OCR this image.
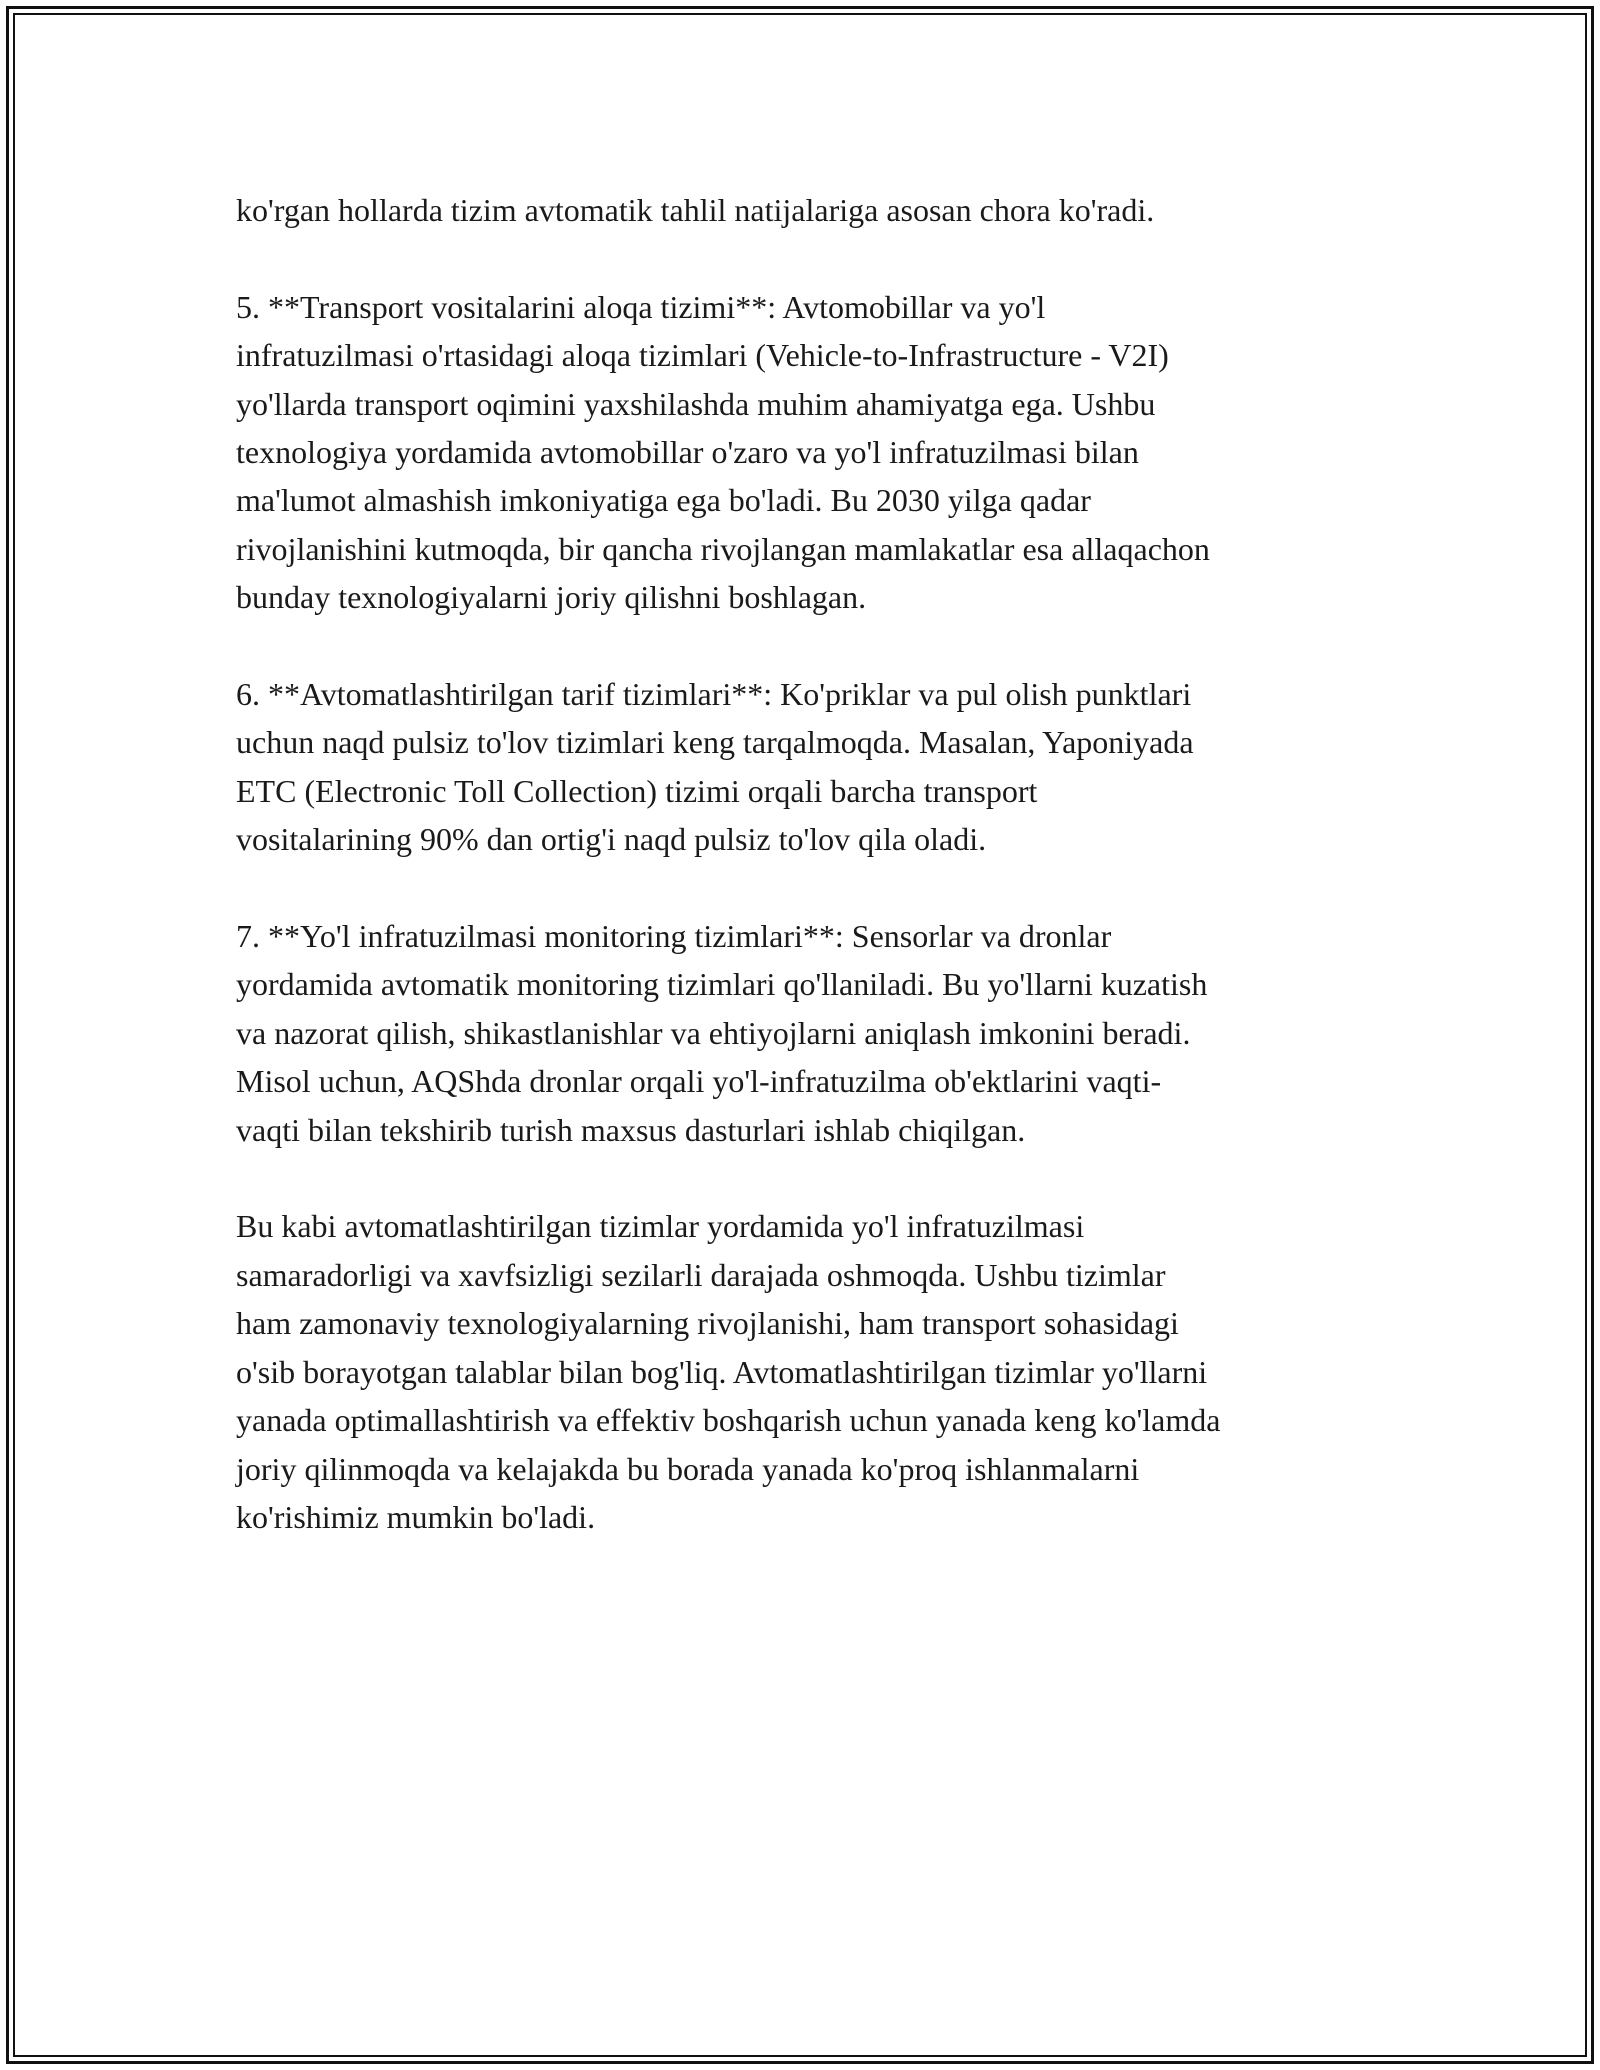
ko'rgan hollarda tizim avtomatik tahlil natijalariga asosan chora ko'radi.

5. **Transport vositalarini aloqa tizimi**: Avtomobillar va yo'l
infratuzilmasi o'rtasidagi aloqa tizimlari (Vehicle-to-Infrastructure - V2I)
yo'llarda transport oqimini yaxshilashda muhim ahamiyatga ega. Ushbu
texnologiya yordamida avtomobillar o'zaro va yo'l infratuzilmasi bilan
ma'lumot almashish imkoniyatiga ega bo'ladi. Bu 2030 yilga qadar
rivojlanishini kutmoqda, bir qancha rivojlangan mamlakatlar esa allaqachon
bunday texnologiyalarni joriy qilishni boshlagan.

6. **Avtomatlashtirilgan tarif tizimlari**: Ko'priklar va pul olish punktlari
uchun naqd pulsiz to'lov tizimlari keng tarqalmoqda. Masalan, Yaponiyada
ETC (Electronic Toll Collection) tizimi orqali barcha transport
vositalarining 90% dan ortig'i naqd pulsiz to'lov qila oladi.

7. **Yo'l infratuzilmasi monitoring tizimlari**: Sensorlar va dronlar
yordamida avtomatik monitoring tizimlari qo'llaniladi. Bu yo'llarni kuzatish
va nazorat qilish, shikastlanishlar va ehtiyojlarni aniqlash imkonini beradi.
Misol uchun, AQShda dronlar orqali yo'l-infratuzilma ob'ektlarini vaqti-
vaqti bilan tekshirib turish maxsus dasturlari ishlab chiqilgan.

Bu kabi avtomatlashtirilgan tizimlar yordamida yo'l infratuzilmasi
samaradorligi va xavfsizligi sezilarli darajada oshmoqda. Ushbu tizimlar
ham zamonaviy texnologiyalarning rivojlanishi, ham transport sohasidagi
o'sib borayotgan talablar bilan bog'liq. Avtomatlashtirilgan tizimlar yo'llarni
yanada optimallashtirish va effektiv boshqarish uchun yanada keng ko'lamda
joriy qilinmoqda va kelajakda bu borada yanada ko'proq ishlanmalarni
ko'rishimiz mumkin bo'ladi.
